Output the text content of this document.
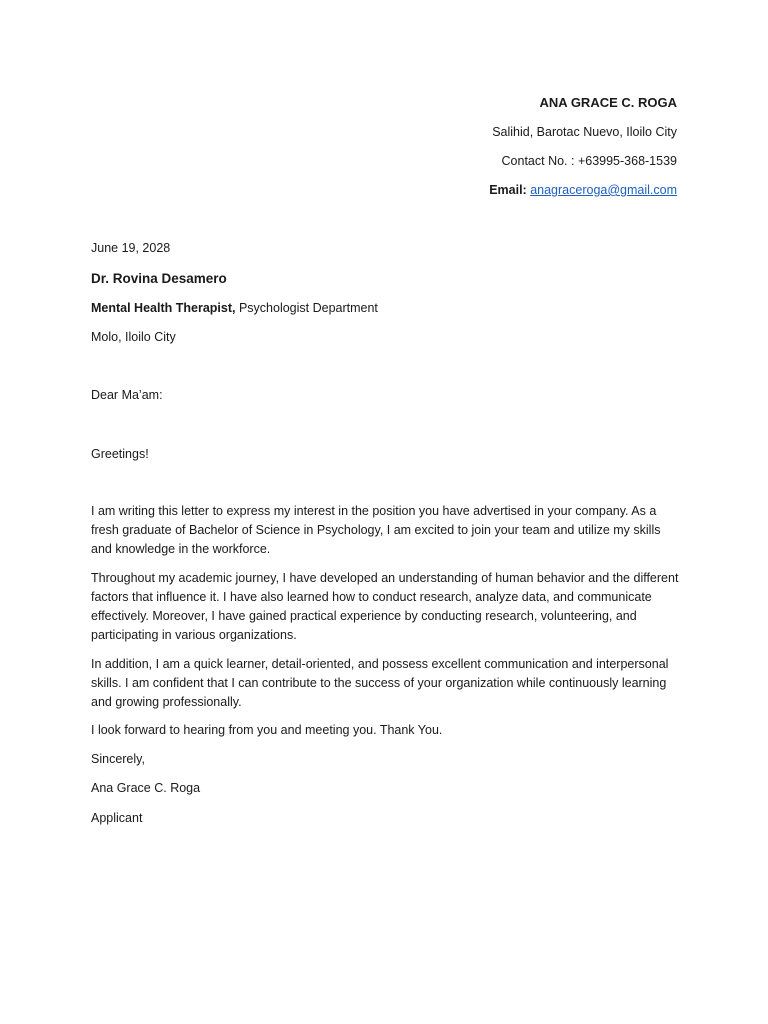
ANA GRACE C. ROGA

Salihid, Barotac Nuevo, Iloilo City

Contact No. : +63995-368-1539

Email: anagraceroga@gmail.com

June 19, 2028

Dr. Rovina Desamero

Mental Health Therapist, Psychologist Department

Molo, Iloilo City

Dear Ma’am:

Greetings!

I am writing this letter to express my interest in the position you have advertised in your company. As a fresh graduate of Bachelor of Science in Psychology, I am excited to join your team and utilize my skills and knowledge in the workforce.

Throughout my academic journey, I have developed an understanding of human behavior and the different factors that influence it. I have also learned how to conduct research, analyze data, and communicate effectively. Moreover, I have gained practical experience by conducting research, volunteering, and participating in various organizations.

In addition, I am a quick learner, detail-oriented, and possess excellent communication and interpersonal skills. I am confident that I can contribute to the success of your organization while continuously learning and growing professionally.

I look forward to hearing from you and meeting you. Thank You.

Sincerely,

Ana Grace C. Roga

Applicant
